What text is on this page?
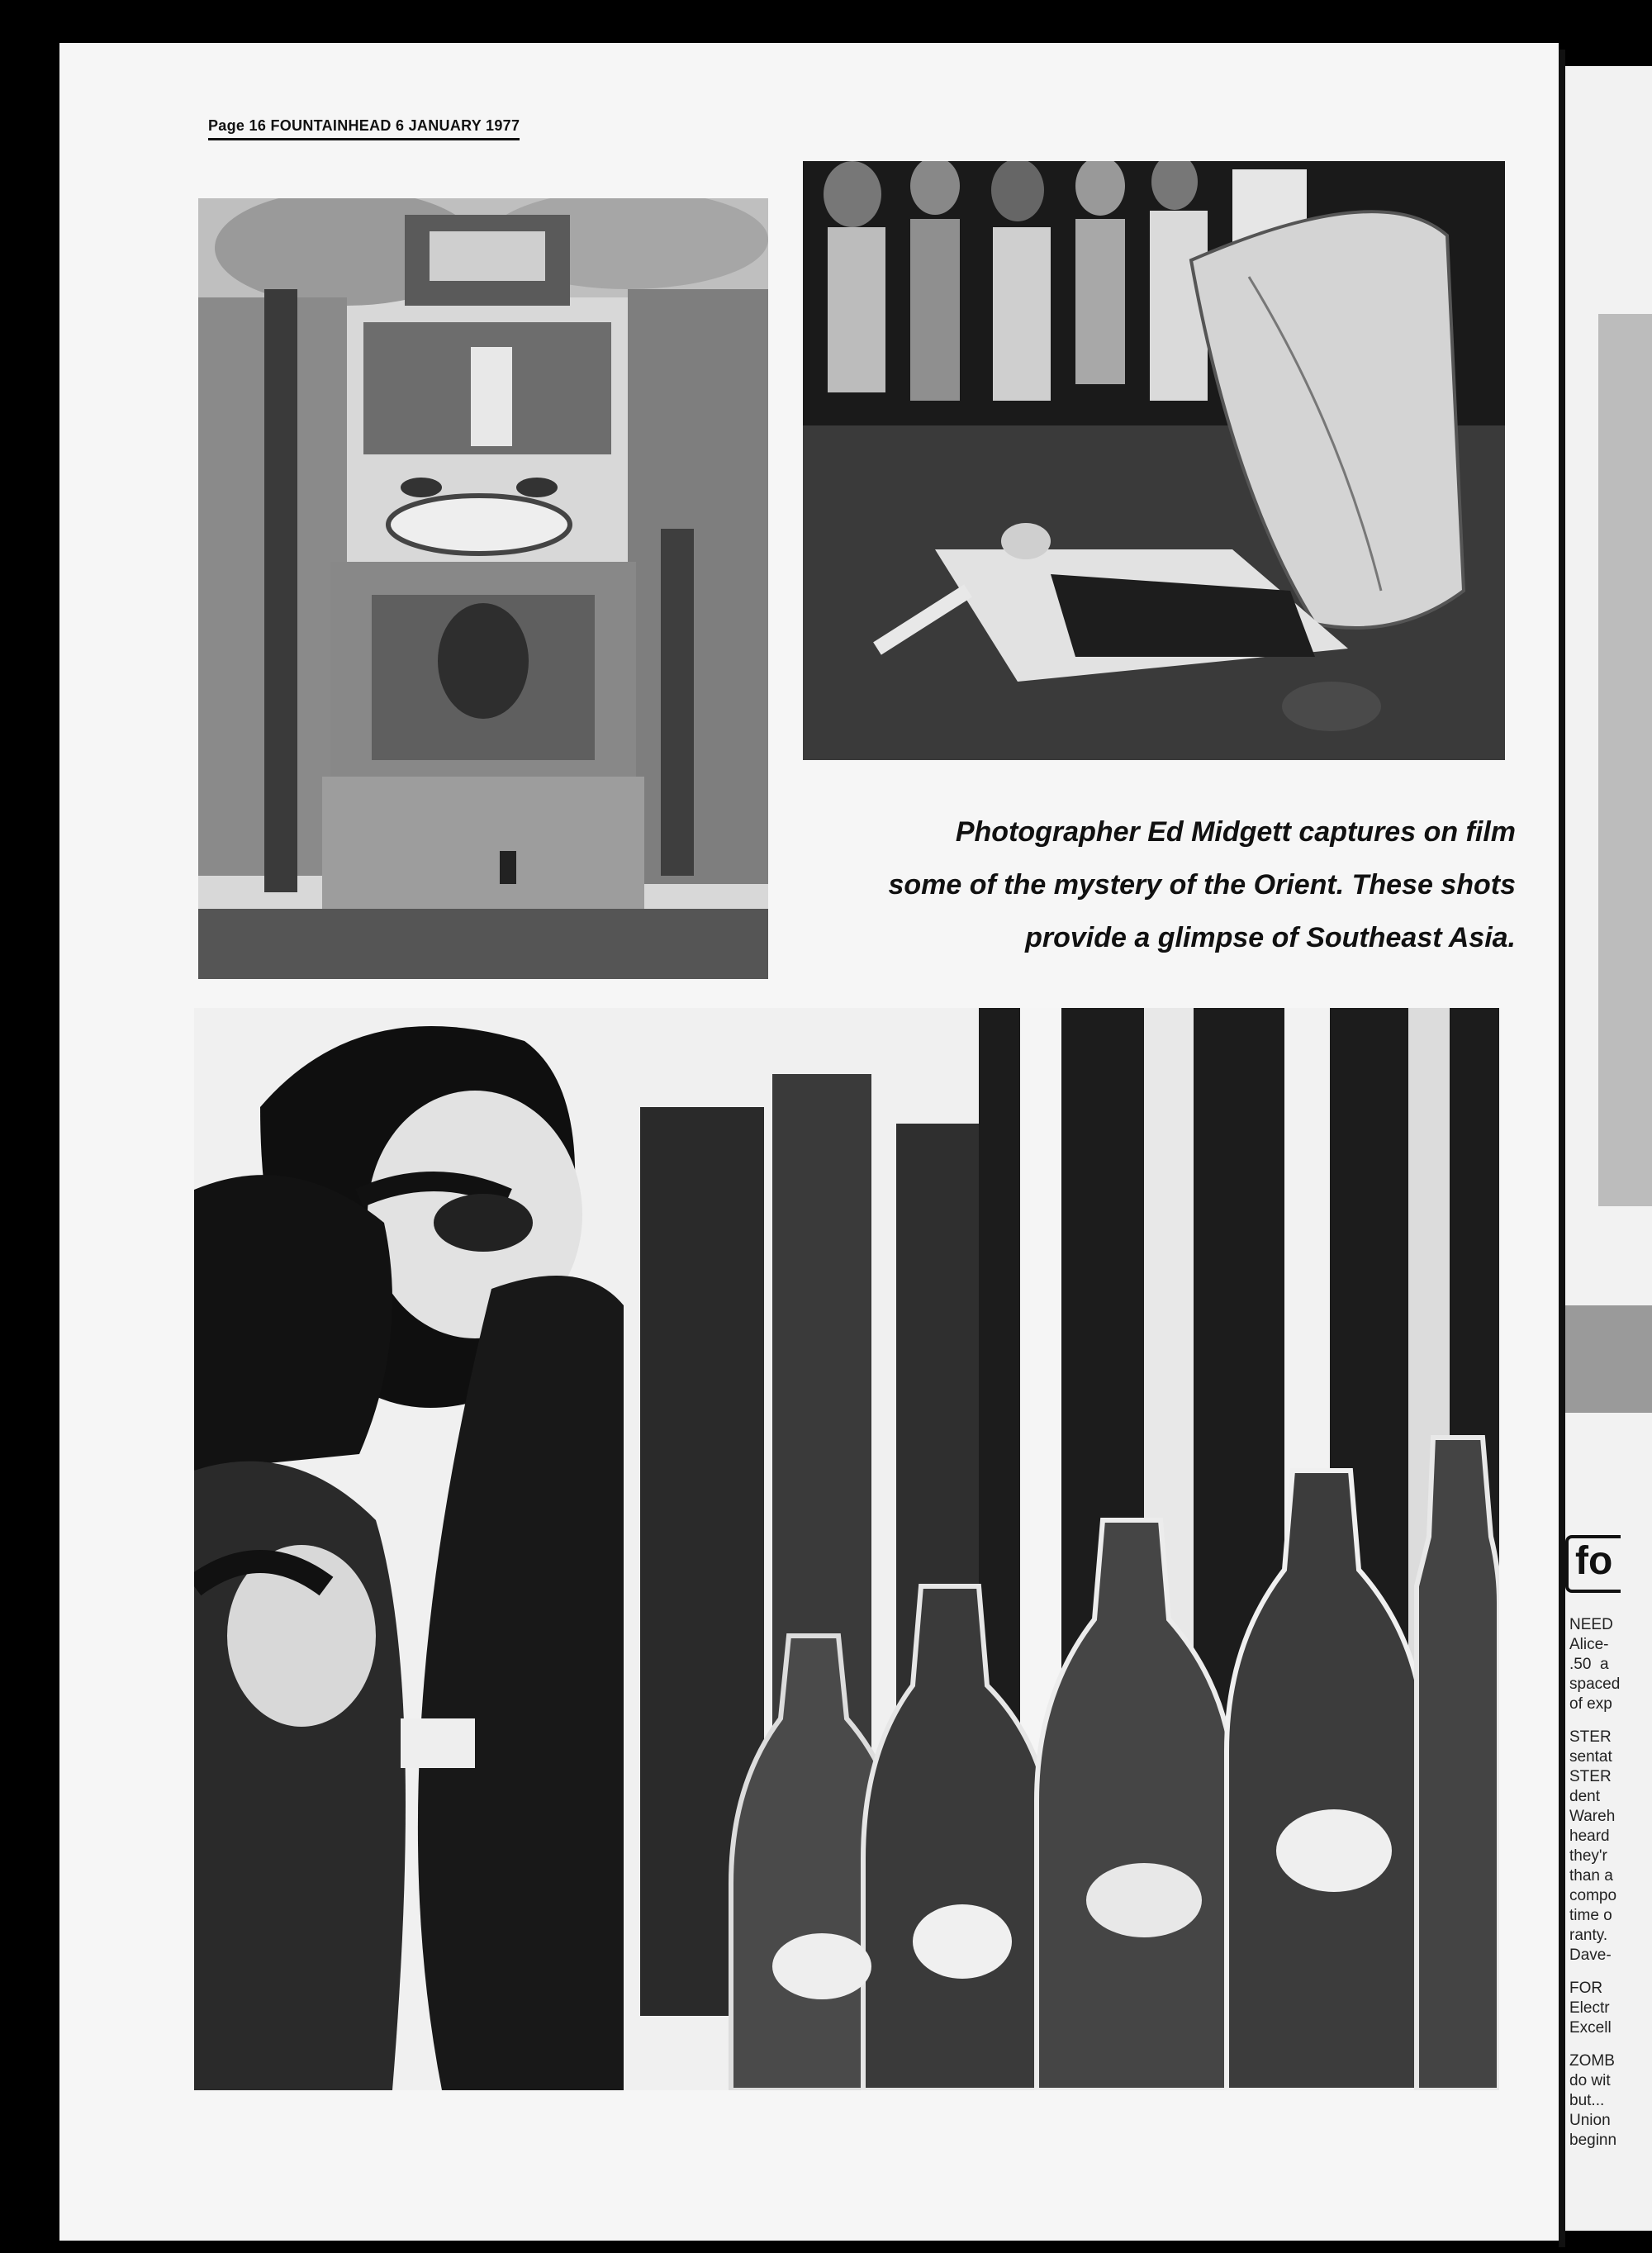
Page 16 FOUNTAINHEAD 6 JANUARY 1977
Photographer Ed Midgett captures on film
some of the mystery of the Orient. These shots
provide a glimpse of Southeast Asia.
fo
NEED
Alice-
.50  a
spaced
of exp
STER
sentat
STER
dent
Wareh
heard
they'r
than a
compo
time o
ranty.
Dave-
FOR
Electr
Excell
ZOMB
do wit
but...
Union
beginn
